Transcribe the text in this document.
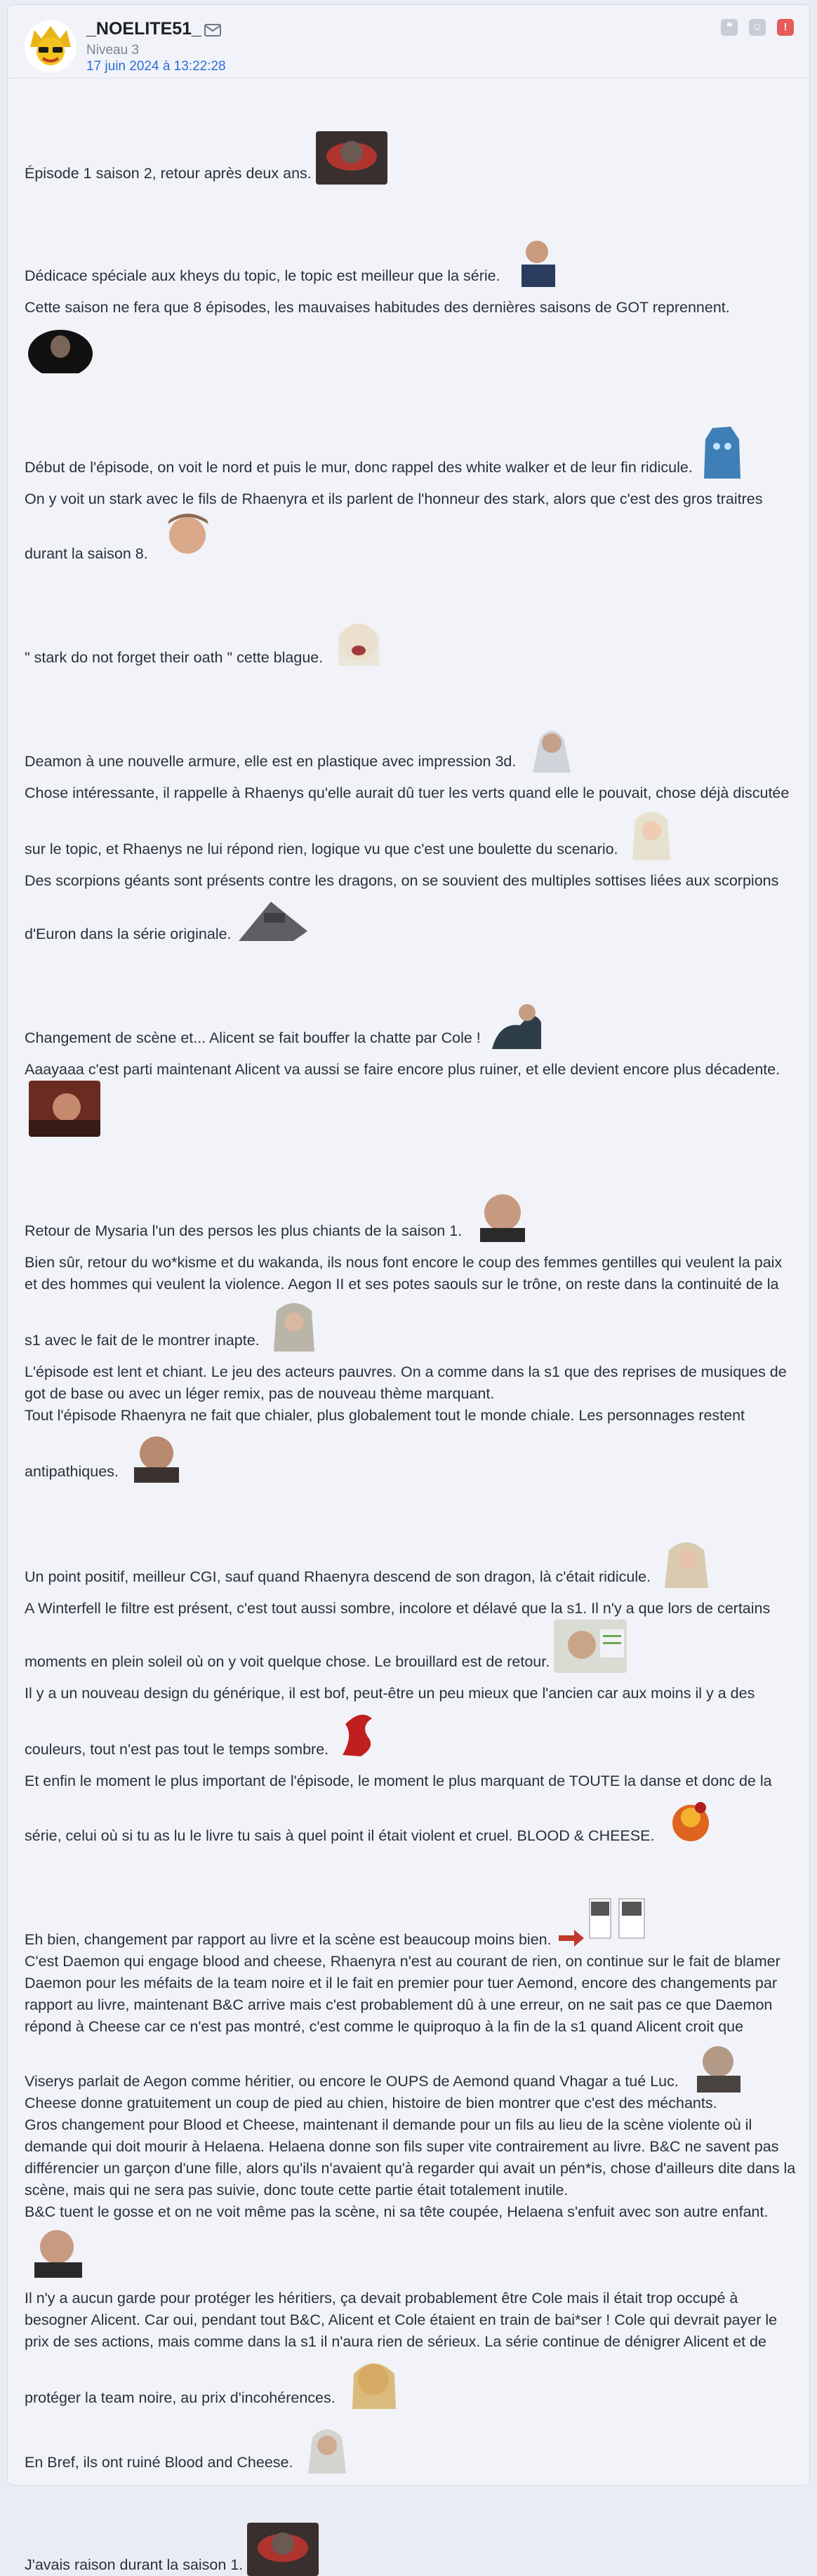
_NOELITE51_
Niveau 3
17 juin 2024 à 13:22:28
❝	☺	!

Épisode 1 saison 2, retour après deux ans.

Dédicace spéciale aux kheys du topic, le topic est meilleur que la série.

Cette saison ne fera que 8 épisodes, les mauvaises habitudes des dernières saisons de GOT reprennent.

Début de l'épisode, on voit le nord et puis le mur, donc rappel des white walker et de leur fin ridicule.

On y voit un stark avec le fils de Rhaenyra et ils parlent de l'honneur des stark, alors que c'est des gros traitres durant la saison 8.

" stark do not forget their oath " cette blague.

Deamon à une nouvelle armure, elle est en plastique avec impression 3d.

Chose intéressante, il rappelle à Rhaenys qu'elle aurait dû tuer les verts quand elle le pouvait, chose déjà discutée sur le topic, et Rhaenys ne lui répond rien, logique vu que c'est une boulette du scenario.

Des scorpions géants sont présents contre les dragons, on se souvient des multiples sottises liées aux scorpions d'Euron dans la série originale.

Changement de scène et... Alicent se fait bouffer la chatte par Cole !

Aaayaaa c'est parti maintenant Alicent va aussi se faire encore plus ruiner, et elle devient encore plus décadente.

Retour de Mysaria l'un des persos les plus chiants de la saison 1.

Bien sûr, retour du wo*kisme et du wakanda, ils nous font encore le coup des femmes gentilles qui veulent la paix et des hommes qui veulent la violence. Aegon II et ses potes saouls sur le trône, on reste dans la continuité de la s1 avec le fait de le montrer inapte.

L'épisode est lent et chiant. Le jeu des acteurs pauvres. On a comme dans la s1 que des reprises de musiques de got de base ou avec un léger remix, pas de nouveau thème marquant.
Tout l'épisode Rhaenyra ne fait que chialer, plus globalement tout le monde chiale. Les personnages restent antipathiques.

Un point positif, meilleur CGI, sauf quand Rhaenyra descend de son dragon, là c'était ridicule.

A Winterfell le filtre est présent, c'est tout aussi sombre, incolore et délavé que la s1. Il n'y a que lors de certains moments en plein soleil où on y voit quelque chose. Le brouillard est de retour.

Il y a un nouveau design du générique, il est bof, peut-être un peu mieux que l'ancien car aux moins il y a des couleurs, tout n'est pas tout le temps sombre.

Et enfin le moment le plus important de l'épisode, le moment le plus marquant de TOUTE la danse et donc de la série, celui où si tu as lu le livre tu sais à quel point il était violent et cruel. BLOOD & CHEESE.

Eh bien, changement par rapport au livre et la scène est beaucoup moins bien.

C'est Daemon qui engage blood and cheese, Rhaenyra n'est au courant de rien, on continue sur le fait de blamer Daemon pour les méfaits de la team noire et il le fait en premier pour tuer Aemond, encore des changements par rapport au livre, maintenant B&C arrive mais c'est probablement dû à une erreur, on ne sait pas ce que Daemon répond à Cheese car ce n'est pas montré, c'est comme le quiproquo à la fin de la s1 quand Alicent croit que Viserys parlait de Aegon comme héritier, ou encore le OUPS de Aemond quand Vhagar a tué Luc.

Cheese donne gratuitement un coup de pied au chien, histoire de bien montrer que c'est des méchants.
Gros changement pour Blood et Cheese, maintenant il demande pour un fils au lieu de la scène violente où il demande qui doit mourir à Helaena. Helaena donne son fils super vite contrairement au livre. B&C ne savent pas différencier un garçon d'une fille, alors qu'ils n'avaient qu'à regarder qui avait un pén*is, chose d'ailleurs dite dans la scène, mais qui ne sera pas suivie, donc toute cette partie était totalement inutile.
B&C tuent le gosse et on ne voit même pas la scène, ni sa tête coupée, Helaena s'enfuit avec son autre enfant.

Il n'y a aucun garde pour protéger les héritiers, ça devait probablement être Cole mais il était trop occupé à besogner Alicent. Car oui, pendant tout B&C, Alicent et Cole étaient en train de bai*ser ! Cole qui devrait payer le prix de ses actions, mais comme dans la s1 il n'aura rien de sérieux. La série continue de dénigrer Alicent et de protéger la team noire, au prix d'incohérences.

En Bref, ils ont ruiné Blood and Cheese.

J'avais raison durant la saison 1.
